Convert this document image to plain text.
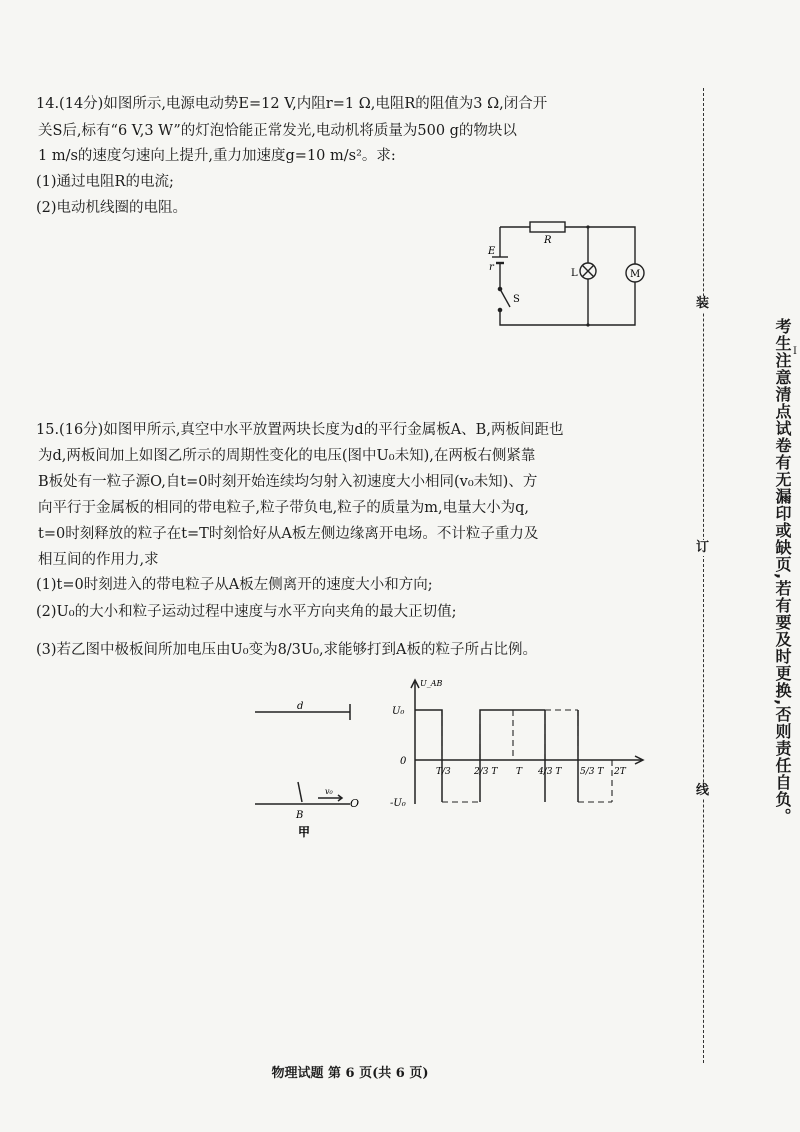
14.(14分)如图所示,电源电动势E=12 V,内阻r=1 Ω,电阻R的阻值为3 Ω,闭合开
关S后,标有“6 V,3 W”的灯泡恰能正常发光,电动机将质量为500 g的物块以
1 m/s的速度匀速向上提升,重力加速度g=10 m/s²。求:
(1)通过电阻R的电流;
(2)电动机线圈的电阻。
E
r
R
L	M
S
15.(16分)如图甲所示,真空中水平放置两块长度为d的平行金属板A、B,两板间距也
为d,两板间加上如图乙所示的周期性变化的电压(图中U₀未知),在两板右侧紧靠
B板处有一粒子源O,自t=0时刻开始连续均匀射入初速度大小相同(v₀未知)、方
向平行于金属板的相同的带电粒子,粒子带负电,粒子的质量为m,电量大小为q,
t=0时刻释放的粒子在t=T时刻恰好从A板左侧边缘离开电场。不计粒子重力及
相互间的作用力,求
(1)t=0时刻进入的带电粒子从A板左侧离开的速度大小和方向;
(2)U₀的大小和粒子运动过程中速度与水平方向夹角的最大正切值;
(3)若乙图中极板间所加电压由U₀变为8/3U₀,求能够打到A板的粒子所占比例。
d
v₀
O
B
甲
U_AB
U₀
0
-U₀
T/3	2/3 T T 4/3 T 5/3 T 2T
物理试题 第 6 页(共 6 页)
装
订
线	考生注意清点试卷有无漏印或缺页,若有要及时更换,否则责任自负。 I
